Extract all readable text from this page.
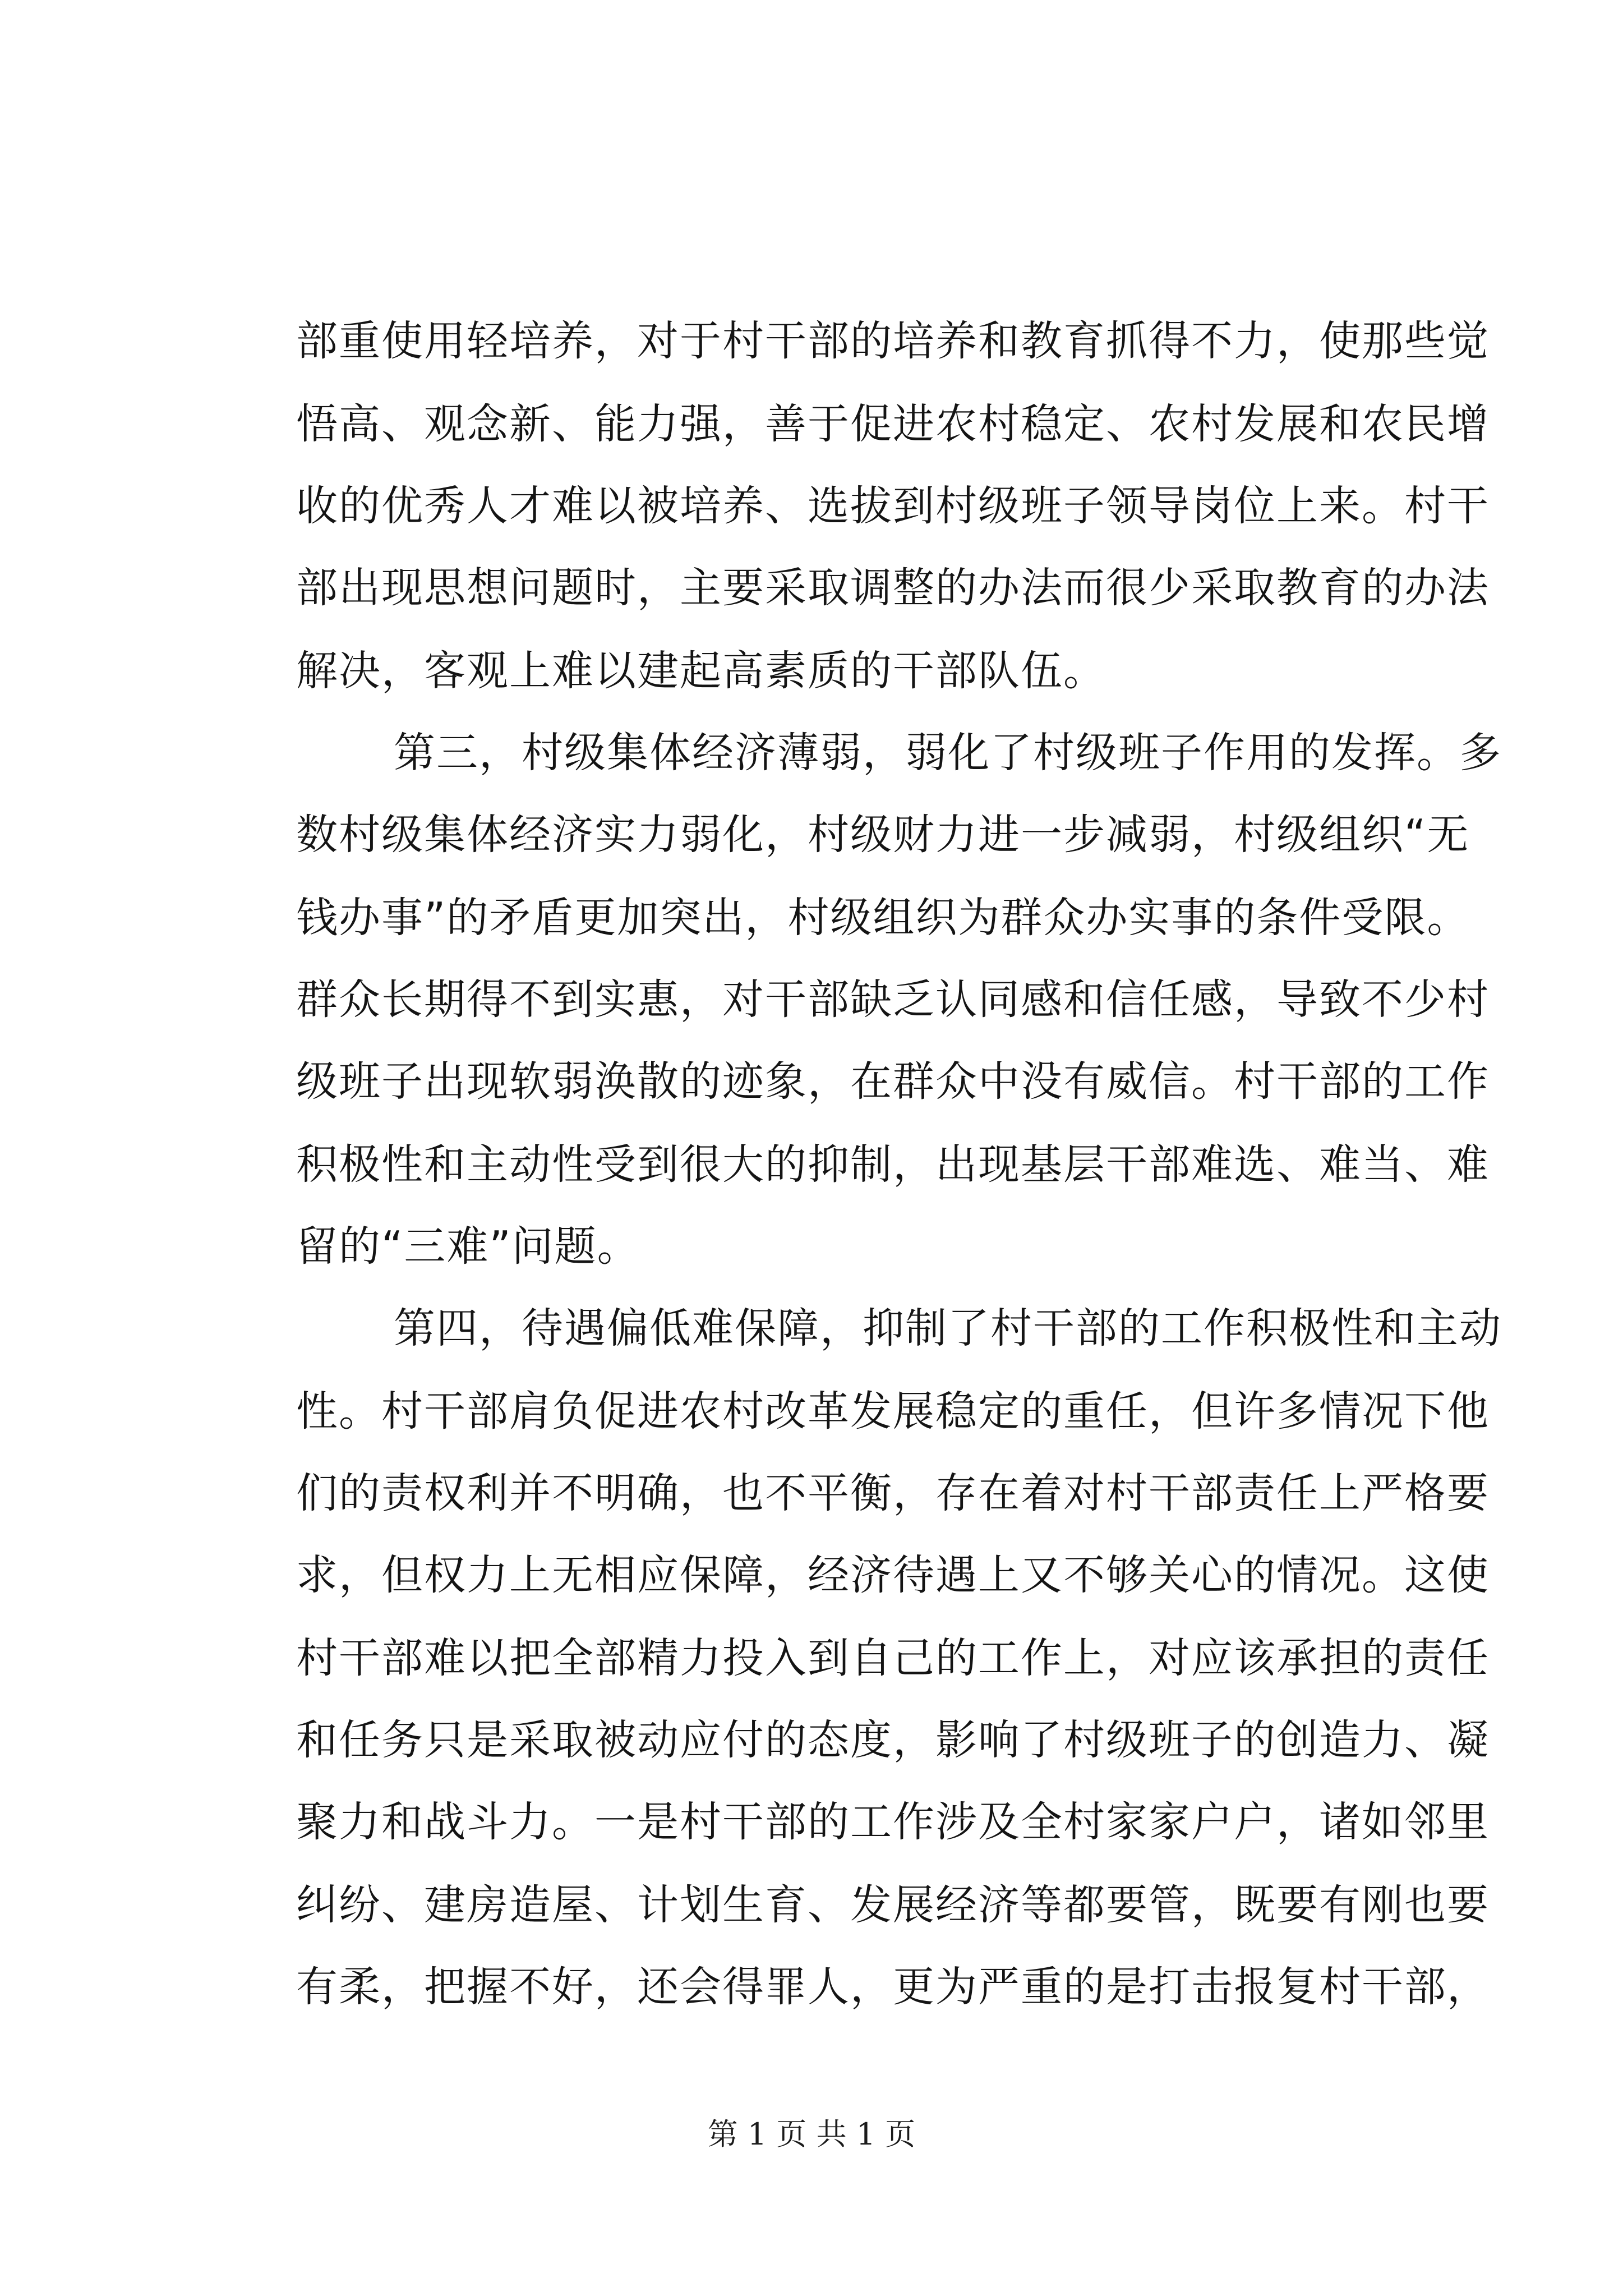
部重使用轻培养，对于村干部的培养和教育抓得不力，使那些觉
悟高、观念新、能力强，善于促进农村稳定、农村发展和农民增
收的优秀人才难以被培养、选拔到村级班子领导岗位上来。村干
部出现思想问题时，主要采取调整的办法而很少采取教育的办法
解决，客观上难以建起高素质的干部队伍。
第三，村级集体经济薄弱，弱化了村级班子作用的发挥。多
数村级集体经济实力弱化，村级财力进一步减弱，村级组织“无
钱办事”的矛盾更加突出，村级组织为群众办实事的条件受限。
群众长期得不到实惠，对干部缺乏认同感和信任感，导致不少村
级班子出现软弱涣散的迹象，在群众中没有威信。村干部的工作
积极性和主动性受到很大的抑制，出现基层干部难选、难当、难
留的“三难”问题。
第四，待遇偏低难保障，抑制了村干部的工作积极性和主动
性。村干部肩负促进农村改革发展稳定的重任，但许多情况下他
们的责权利并不明确，也不平衡，存在着对村干部责任上严格要
求，但权力上无相应保障，经济待遇上又不够关心的情况。这使
村干部难以把全部精力投入到自己的工作上，对应该承担的责任
和任务只是采取被动应付的态度，影响了村级班子的创造力、凝
聚力和战斗力。一是村干部的工作涉及全村家家户户，诸如邻里
纠纷、建房造屋、计划生育、发展经济等都要管，既要有刚也要
有柔，把握不好，还会得罪人，更为严重的是打击报复村干部，
第 1 页 共 1 页
